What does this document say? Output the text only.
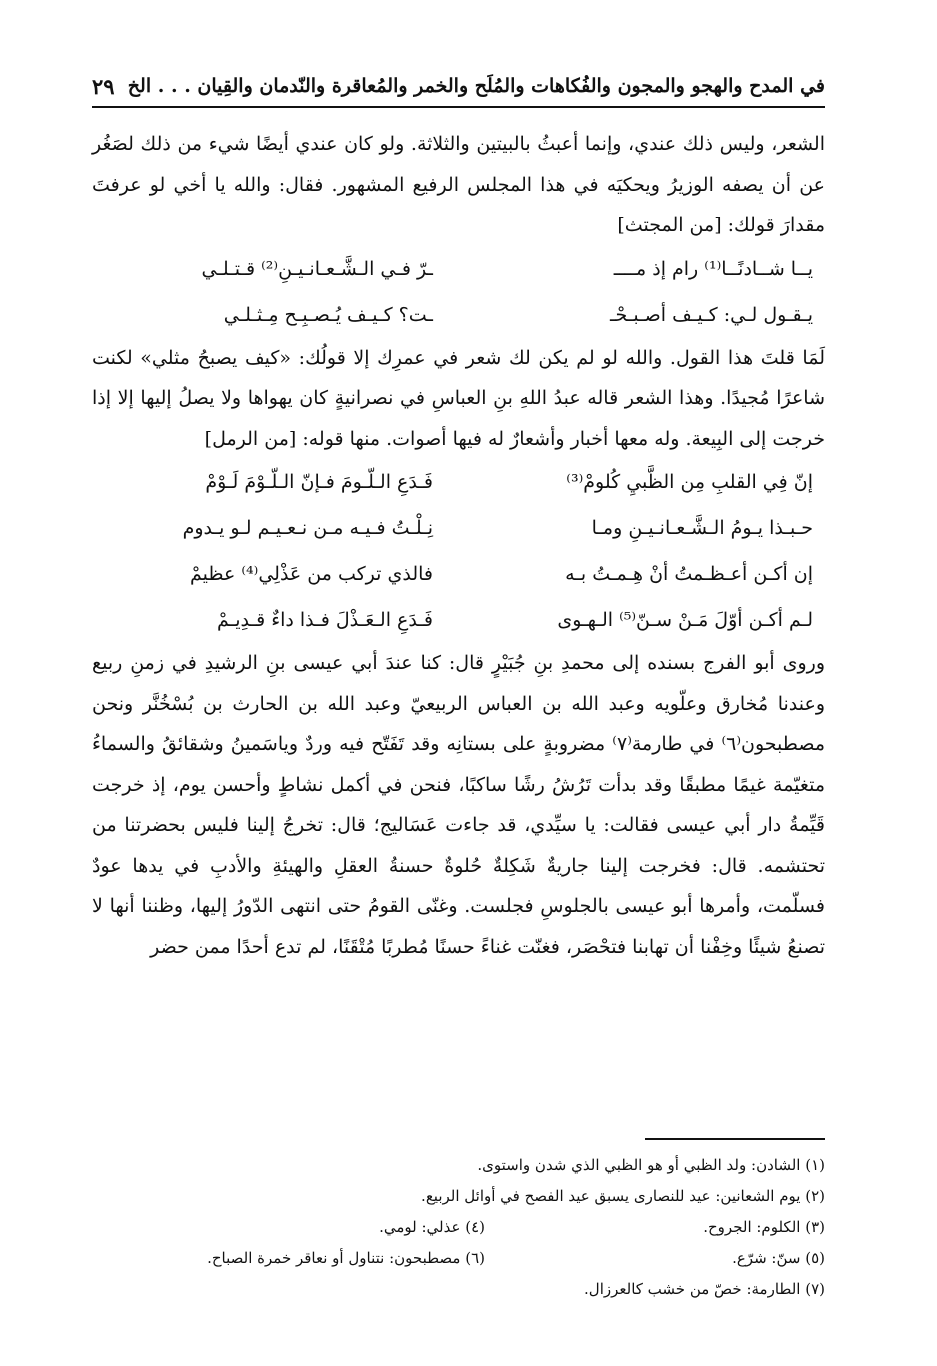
في المدح والهجو والمجون والفُكاهات والمُلَح والخمر والمُعاقرة والنّدمان والقِيان . . . الخ
٢٩

الشعر، وليس ذلك عندي، وإنما أعبثُ بالبيتين والثلاثة. ولو كان عندي أيضًا شيء من ذلك لصَغُر عن أن يصفه الوزيرُ ويحكيَه في هذا المجلس الرفيع المشهور. فقال: والله يا أخي لو عرفتَ مقدارَ قولك: [من المجتث]

يــا شــادنًــا⁽¹⁾ رام إذ مــــ
ـرّ فـي الـشَّـعـانـيـنِ⁽²⁾ قـتـلـي
يـقـول لـي: كـيـف أصـبـحْـ
ـت؟ كـيـف يُـصـبِـح مِـثـلـي

لَمَا قلتَ هذا القول. والله لو لم يكن لك شعر في عمرِك إلا قولُك: «كيف يصبحُ مثلي» لكنت شاعرًا مُجيدًا. وهذا الشعر قاله عبدُ اللهِ بنِ العباسِ في نصرانيةٍ كان يهواها ولا يصلُ إليها إلا إذا خرجت إلى البِيعة. وله معها أخبار وأشعارٌ له فيها أصوات. منها قوله: [من الرمل]

إنّ فِي القلبِ مِن الظَّبيِ كُلومْ⁽³⁾
فَـدَعِ الـلّـومَ فـإنّ الـلّـوْمَ لَـوْمْ
حـبـذا يـومُ الـشَّـعـانـيـنِ ومـا
نِـلْـتُ فـيـه مـن نـعـيـم لـو يـدوم
إن أكـن أعـظـمتُ أنْ هِـمـتُ بـه
فالذي تركب من عَذْلِي⁽⁴⁾ عظيمْ
لـم أكـن أوّلَ مَـنْ سـنّ⁽⁵⁾ الـهـوى
فَـدَعِ الـعَـذْلَ فـذا داءٌ قـدِيـمْ

وروى أبو الفرج بسنده إلى محمدِ بنِ جُبَيْرٍ قال: كنا عندَ أبي عيسى بنِ الرشيدِ في زمنِ ربيع وعندنا مُخارق وعلّويه وعبد الله بن العباس الربيعيّ وعبد الله بن الحارث بن بُسْخُنَّر ونحن مصطبحون⁽٦⁾ في طارمة⁽٧⁾ مضروبةٍ على بستانِه وقد تَفَتّح فيه وردٌ وياسَمينُ وشقائقُ والسماءُ متغيّمة غيمًا مطبقًا وقد بدأت تَرُشُ رشًا ساكبًا، فنحن في أكمل نشاطٍ وأحسن يوم، إذ خرجت قَيِّمةُ دار أبي عيسى فقالت: يا سيِّدي، قد جاءت عَسَاليج؛ قال: تخرجُ إلينا فليس بحضرتنا من تحتشمه. قال: فخرجت إلينا جاريةٌ شَكِلةٌ حُلوةٌ حسنةُ العقلِ والهيئةِ والأدبِ في يدها عودٌ فسلّمت، وأمرها أبو عيسى بالجلوسِ فجلست. وغنّى القومُ حتى انتهى الدّورُ إليها، وظننا أنها لا تصنعُ شيئًا وخِفْنا أن تهابنا فتحْصَر، فغنّت غناءً حسنًا مُطربًا مُتْقَنًا، لم تدع أحدًا ممن حضر

(١) الشادن: ولد الظبي أو هو الظبي الذي شدن واستوى.
(٢) يوم الشعانين: عيد للنصارى يسبق عيد الفصح في أوائل الربيع.
(٣) الكلوم: الجروح.
(٤) عذلي: لومي.
(٥) سنّ: شرّع.
(٦) مصطبحون: نتناول أو نعاقر خمرة الصباح.
(٧) الطارمة: خصّ من خشب كالعرزال.
